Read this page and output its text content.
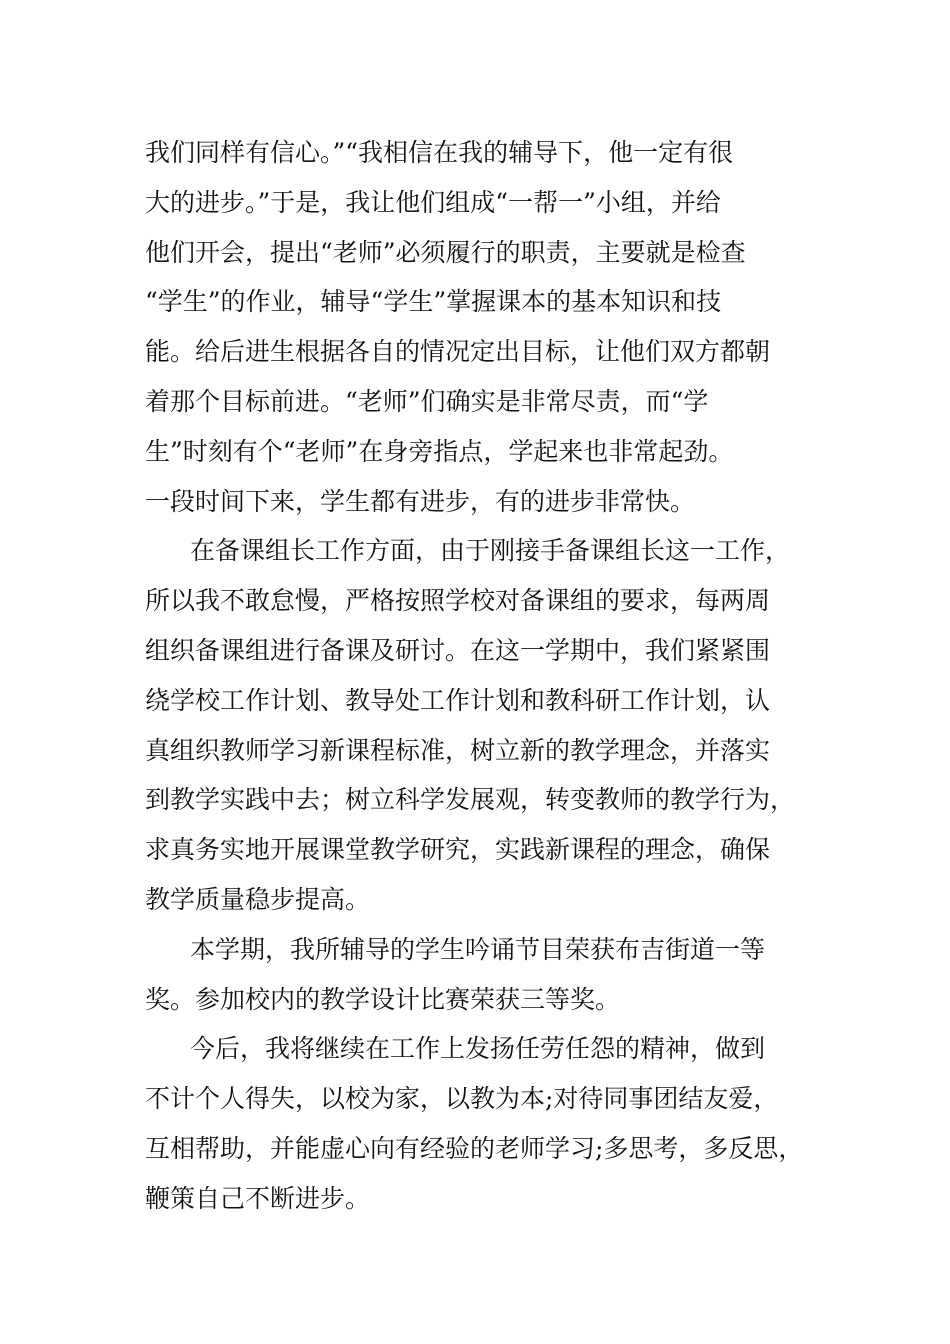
我们同样有信心。”“我相信在我的辅导下，他一定有很
大的进步。”于是，我让他们组成“一帮一”小组，并给
他们开会，提出“老师”必须履行的职责，主要就是检查
“学生”的作业，辅导“学生”掌握课本的基本知识和技
能。给后进生根据各自的情况定出目标，让他们双方都朝
着那个目标前进。“老师”们确实是非常尽责，而“学
生”时刻有个“老师”在身旁指点，学起来也非常起劲。
一段时间下来，学生都有进步，有的进步非常快。
在备课组长工作方面，由于刚接手备课组长这一工作，
所以我不敢怠慢，严格按照学校对备课组的要求，每两周
组织备课组进行备课及研讨。在这一学期中，我们紧紧围
绕学校工作计划、教导处工作计划和教科研工作计划，认
真组织教师学习新课程标准，树立新的教学理念，并落实
到教学实践中去；树立科学发展观，转变教师的教学行为，
求真务实地开展课堂教学研究，实践新课程的理念，确保
教学质量稳步提高。
本学期，我所辅导的学生吟诵节目荣获布吉街道一等
奖。参加校内的教学设计比赛荣获三等奖。
今后，我将继续在工作上发扬任劳任怨的精神，做到
不计个人得失，以校为家，以教为本;对待同事团结友爱，
互相帮助，并能虚心向有经验的老师学习;多思考，多反思，
鞭策自己不断进步。
